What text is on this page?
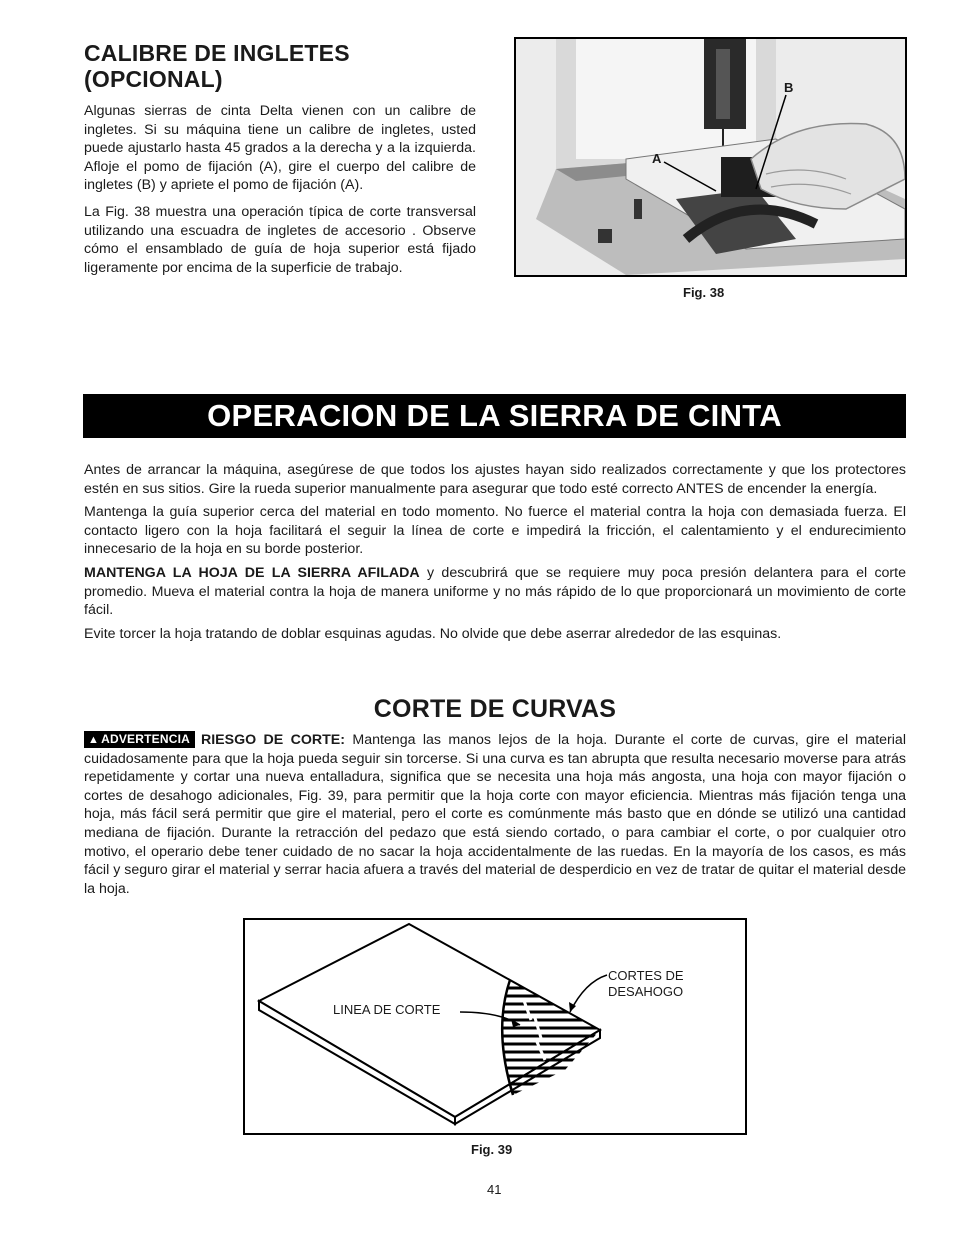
CALIBRE DE INGLETES
(OPCIONAL)

Algunas sierras de cinta Delta vienen con un calibre de ingletes. Si su máquina tiene un calibre de ingletes, usted puede ajustarlo hasta 45 grados a la derecha y a la izquierda. Afloje el pomo de fijación (A), gire el cuerpo del calibre de ingletes (B) y apriete el pomo de fijación (A).

La Fig. 38 muestra una operación típica de corte transversal utilizando una escuadra de ingletes de accesorio . Observe cómo el ensamblado de guía de hoja superior está fijado ligeramente por encima de la superficie de trabajo.

A
B
Fig. 38
OPERACION DE LA SIERRA DE CINTA

Antes de arrancar la máquina, asegúrese de que todos los ajustes hayan sido realizados correctamente y que los protectores estén en sus sitios. Gire la rueda superior manualmente para asegurar que todo esté correcto ANTES de encender la energía.

Mantenga la guía superior cerca del material en todo momento. No fuerce el material contra la hoja con demasiada fuerza. El contacto ligero con la hoja facilitará el seguir la línea de corte e impedirá la fricción, el calentamiento y el endurecimiento innecesario de la hoja en su borde posterior.

MANTENGA LA HOJA DE LA SIERRA AFILADA y descubrirá que se requiere muy poca presión delantera para el corte promedio. Mueva el material contra la hoja de manera uniforme y no más rápido de lo que proporcionará un movimiento de corte fácil.

Evite torcer la hoja tratando de doblar esquinas agudas. No olvide que debe aserrar alrededor de las esquinas.

CORTE DE CURVAS

▲ ADVERTENCIA RIESGO DE CORTE: Mantenga las manos lejos de la hoja. Durante el corte de curvas, gire el material cuidadosamente para que la hoja pueda seguir sin torcerse. Si una curva es tan abrupta que resulta necesario moverse para atrás repetidamente y cortar una nueva entalladura, significa que se necesita una hoja más angosta, una hoja con mayor fijación o cortes de desahogo adicionales, Fig. 39, para permitir que la hoja corte con mayor eficiencia. Mientras más fijación tenga una hoja, más fácil será permitir que gire el material, pero el corte es comúnmente más basto que en dónde se utilizó una cantidad mediana de fijación. Durante la retracción del pedazo que está siendo cortado, o para cambiar el corte, o por cualquier otro motivo, el operario debe tener cuidado de no sacar la hoja accidentalmente de las ruedas. En la mayoría de los casos, es más fácil y seguro girar el material y serrar hacia afuera a través del material de desperdicio en vez de tratar de quitar el material desde la hoja.

LINEA DE CORTE
CORTES DE
DESAHOGO
Fig. 39
41
